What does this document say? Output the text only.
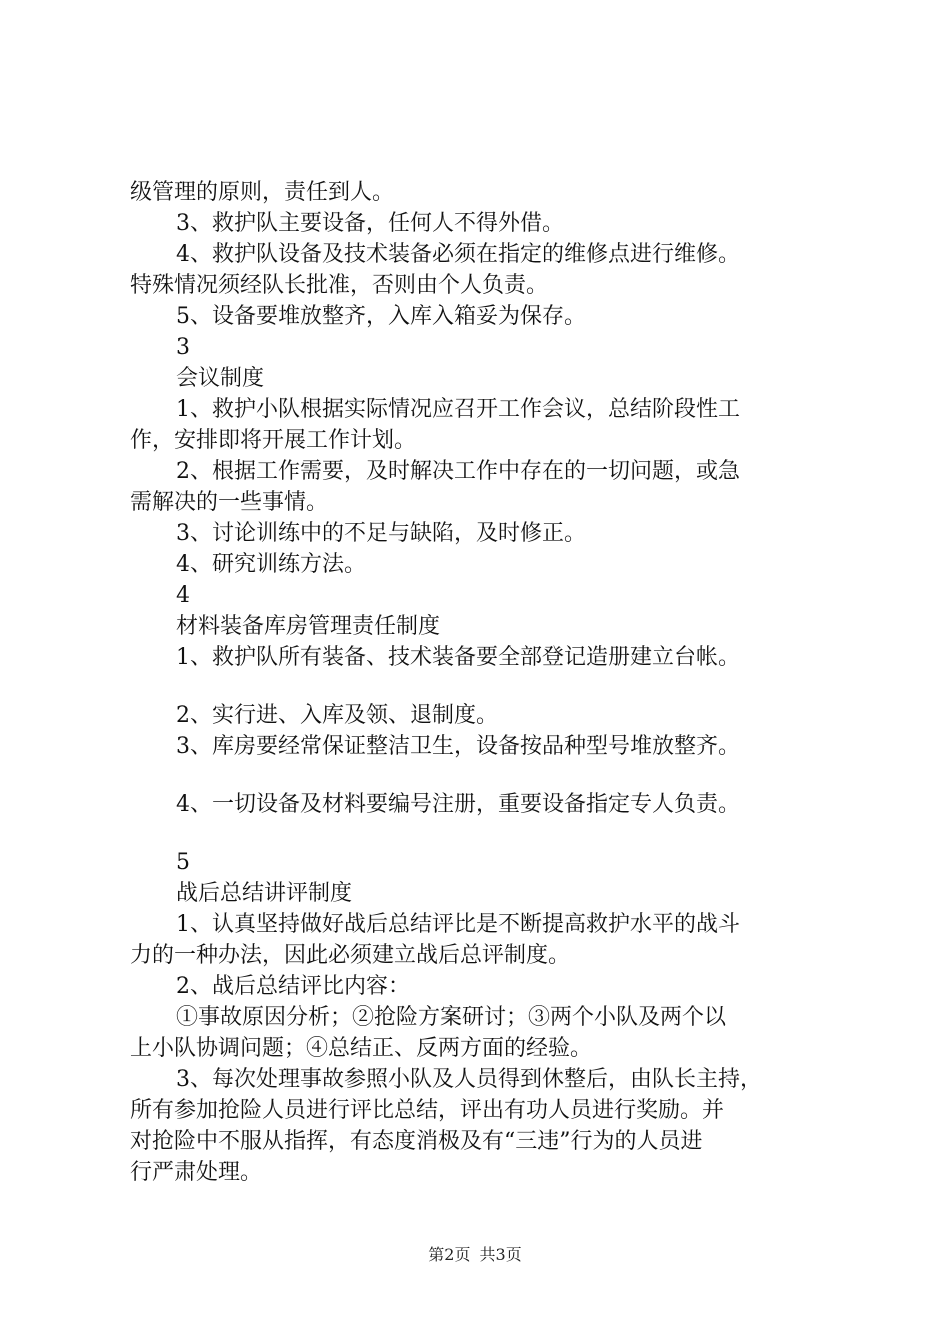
级管理的原则，责任到人。
3、救护队主要设备，任何人不得外借。
4、救护队设备及技术装备必须在指定的维修点进行维修。
特殊情况须经队长批准，否则由个人负责。
5、设备要堆放整齐，入库入箱妥为保存。
3
会议制度
1、救护小队根据实际情况应召开工作会议，总结阶段性工
作，安排即将开展工作计划。
2、根据工作需要，及时解决工作中存在的一切问题，或急
需解决的一些事情。
3、讨论训练中的不足与缺陷，及时修正。
4、研究训练方法。
4
材料装备库房管理责任制度
1、救护队所有装备、技术装备要全部登记造册建立台帐。
2、实行进、入库及领、退制度。
3、库房要经常保证整洁卫生，设备按品种型号堆放整齐。
4、一切设备及材料要编号注册，重要设备指定专人负责。
5
战后总结讲评制度
1、认真坚持做好战后总结评比是不断提高救护水平的战斗
力的一种办法，因此必须建立战后总评制度。
2、战后总结评比内容：
①事故原因分析；②抢险方案研讨；③两个小队及两个以
上小队协调问题；④总结正、反两方面的经验。
3、每次处理事故参照小队及人员得到休整后，由队长主持，
所有参加抢险人员进行评比总结，评出有功人员进行奖励。并
对抢险中不服从指挥，有态度消极及有“三违”行为的人员进
行严肃处理。
第2页 共3页
